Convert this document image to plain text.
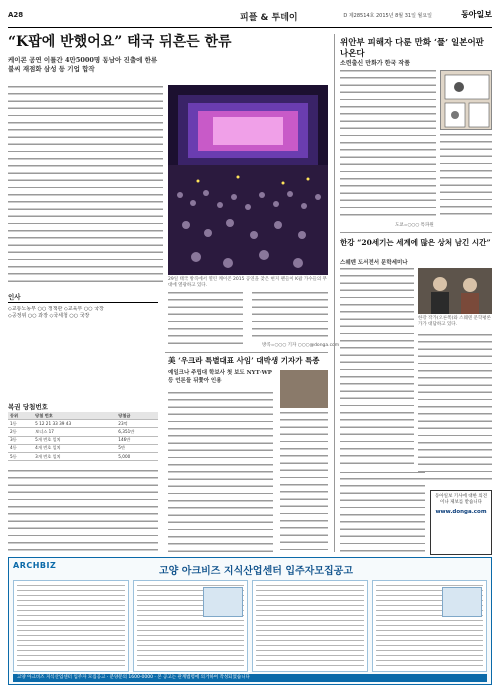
A28	피플 & 투데이	D 제28514호 2015년 8월 31일 월요일	동아일보
“K팝에 반했어요” 태국 뒤흔든 한류
케이콘 공연 이틀간 4만5000명 동남아 진출에 한류 불씨 재점화 삼성 등 기업 합작
29일 태국 방콕에서 열린 케이콘 2015 공연을 찾은 현지 팬들이 K팝 가수들의 무대에 열광하고 있다.
방콕=○○○ 기자 ○○○@donga.com
美 ‘우크라 특별대표 사임’ 대박생 기자가 특종
예일크나 주립대 학보사 첫 보도 NYT·WP 등 언론들 뒤쫓아 인용
인사
◇교통노동부 ○○ 정책관 ◇교육부 ○○ 국장
◇공정위 ○○ 과장 ◇국세청 ○○ 국장
복권 당첨번호
등위	당첨 번호	당첨금
1등	5 12 21 33 39 43	23억
2등	보너스 17	6,351만
3등	5개 번호 일치	146만
4등	4개 번호 일치	5만
5등	3개 번호 일치	5,000
위안부 피해자 다룬 만화 ‘풀’ 일본어판 나온다
소련출신 만화가 한국 작품
도쿄=○○○ 특파원
한강 “20세기는 세계에 많은 상처 남긴 시간”
스웨덴 도서전서 문학세미나
한강 작가(오른쪽)와 스웨덴 문학평론가가 대담하고 있다.
동아일보 기사에 대한 의견이나 제보를 받습니다
www.donga.com
ARCHBIZ
고양 아크비즈 지식산업센터 입주자모집공고
고양 아크비즈 지식산업센터 입주자 모집공고 · 분양문의 1600-0000 · 본 공고는 관계법령에 의거하여 작성되었습니다
